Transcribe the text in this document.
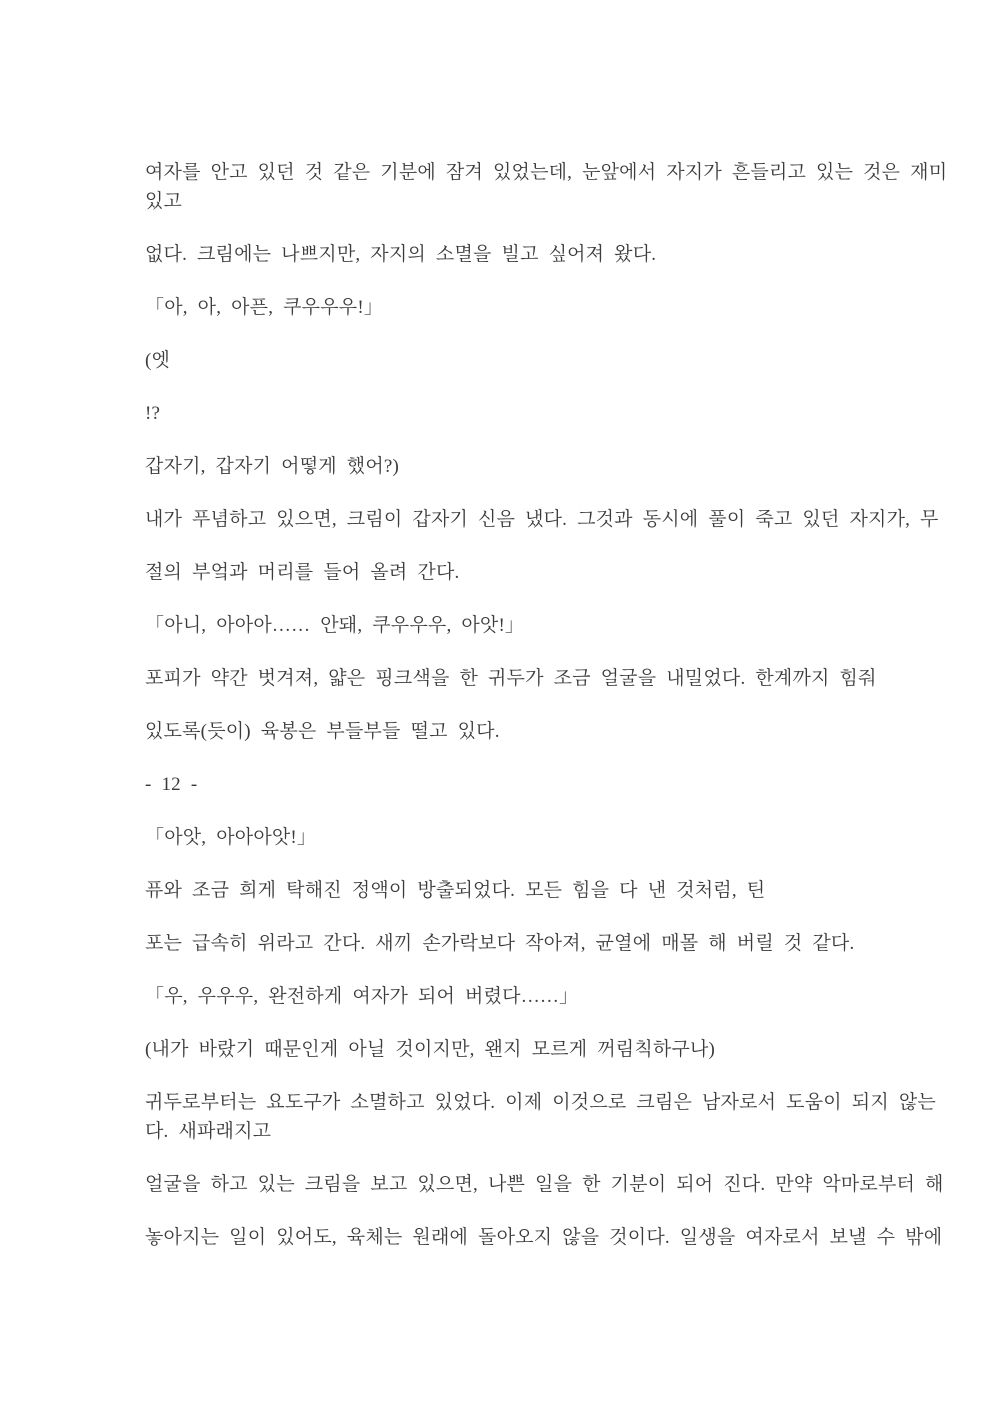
여자를 안고 있던 것 같은 기분에 잠겨 있었는데, 눈앞에서 자지가 흔들리고 있는 것은 재미
있고

없다. 크림에는 나쁘지만, 자지의 소멸을 빌고 싶어져 왔다.

「아, 아, 아픈, 쿠우우우!」

(엣

!?

갑자기, 갑자기 어떻게 했어?)

내가 푸념하고 있으면, 크림이 갑자기 신음 냈다. 그것과 동시에 풀이 죽고 있던 자지가, 무

절의 부엌과 머리를 들어 올려 간다.

「아니, 아아아…… 안돼, 쿠우우우, 아앗!」

포피가 약간 벗겨져, 얇은 핑크색을 한 귀두가 조금 얼굴을 내밀었다. 한계까지 힘줘

있도록(듯이) 육봉은 부들부들 떨고 있다.

- 12 -

「아앗, 아아아앗!」

퓨와 조금 희게 탁해진 정액이 방출되었다. 모든 힘을 다 낸 것처럼, 틴

포는 급속히 위라고 간다. 새끼 손가락보다 작아져, 균열에 매몰 해 버릴 것 같다.

「우, 우우우, 완전하게 여자가 되어 버렸다……」

(내가 바랐기 때문인게 아닐 것이지만, 왠지 모르게 꺼림칙하구나)

귀두로부터는 요도구가 소멸하고 있었다. 이제 이것으로 크림은 남자로서 도움이 되지 않는
다. 새파래지고

얼굴을 하고 있는 크림을 보고 있으면, 나쁜 일을 한 기분이 되어 진다. 만약 악마로부터 해

놓아지는 일이 있어도, 육체는 원래에 돌아오지 않을 것이다. 일생을 여자로서 보낼 수 밖에
